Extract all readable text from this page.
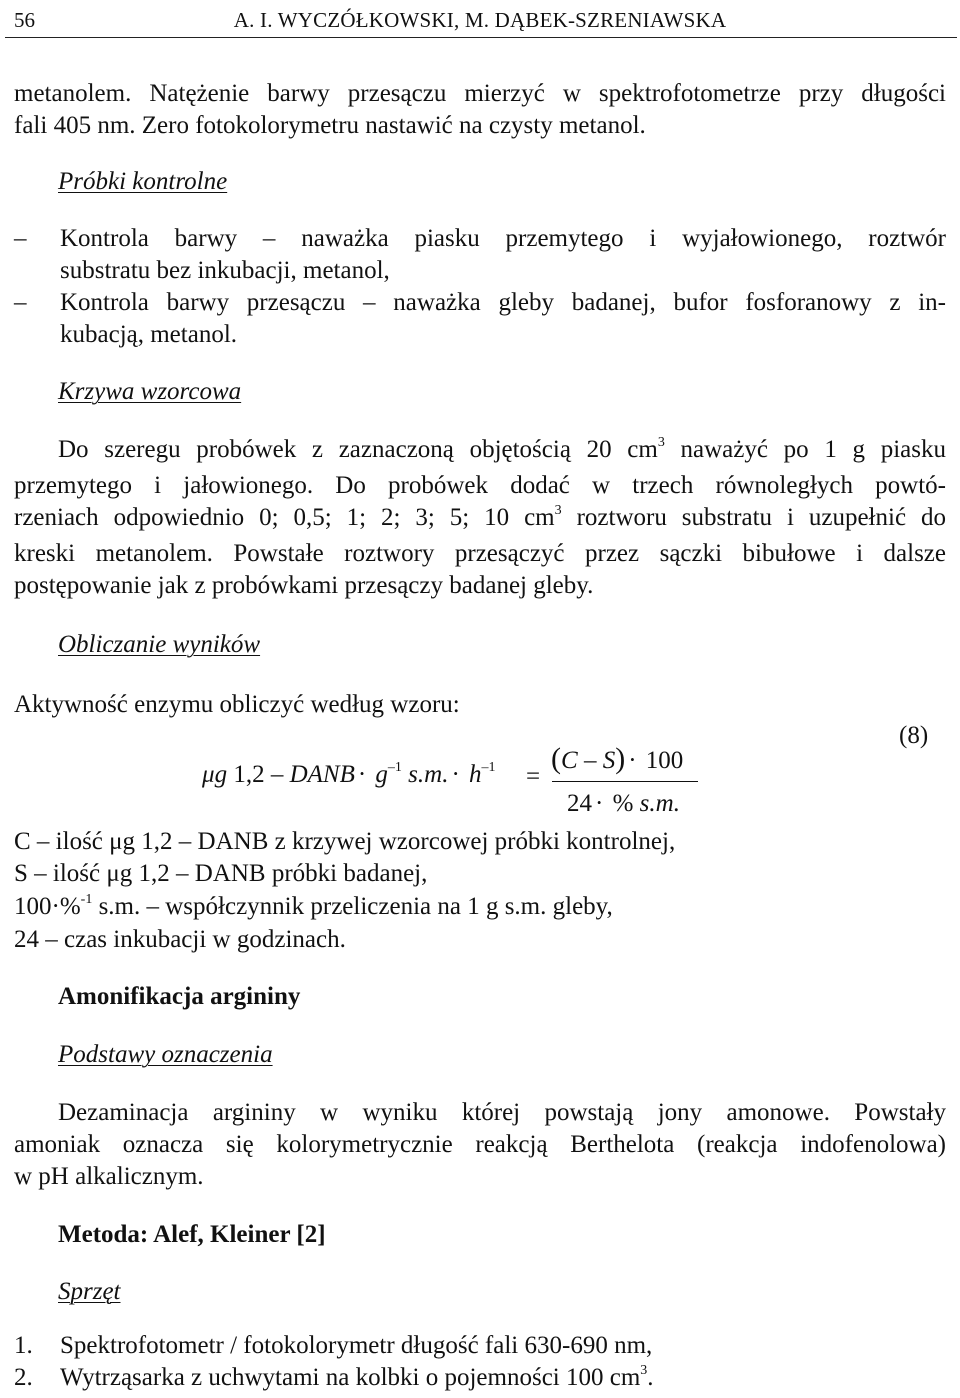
56	A. I. WYCZÓŁKOWSKI, M. DĄBEK-SZRENIAWSKA
metanolem. Natężenie barwy przesączu mierzyć w spektrofotometrze przy długości
fali 405 nm. Zero fotokolorymetru nastawić na czysty metanol.
Próbki kontrolne
–	Kontrola barwy – naważka piasku przemytego i wyjałowionego, roztwór
substratu bez inkubacji, metanol,
–	Kontrola barwy przesączu – naważka gleby badanej, bufor fosforanowy z in-
kubacją, metanol.
Krzywa wzorcowa
Do szeregu probówek z zaznaczoną objętością 20 $cm^3$ naważyć po 1 g piasku
przemytego i jałowionego. Do probówek dodać w trzech równoległych powtó-
rzeniach odpowiednio 0; 0,5; 1; 2; 3; 5; 10 $cm^3$ roztworu substratu i uzupełnić do
kreski metanolem. Powstałe roztwory przesączyć przez sączki bibułowe i dalsze
postępowanie jak z probówkami przesączy badanej gleby.
Obliczanie wyników
Aktywność enzymu obliczyć według wzoru:
(8)
μg 1,2 – DANB · $g^{-1}$ s.m. · $h^{-1}$ =
(C – S) · 100
24 · % s.m.
C – ilość μg 1,2 – DANB z krzywej wzorcowej próbki kontrolnej,
S – ilość μg 1,2 – DANB próbki badanej,
100·%$^{-1}$ s.m. – współczynnik przeliczenia na 1 g s.m. gleby,
24 – czas inkubacji w godzinach.
Amonifikacja argininy
Podstawy oznaczenia
Dezaminacja argininy w wyniku której powstają jony amonowe. Powstały
amoniak oznacza się kolorymetrycznie reakcją Berthelota (reakcja indofenolowa)
w pH alkalicznym.
Metoda: Alef, Kleiner [2]
Sprzęt
1. Spektrofotometr / fotokolorymetr długość fali 630-690 nm,
2. Wytrząsarka z uchwytami na kolbki o pojemności 100 $cm^3$.
